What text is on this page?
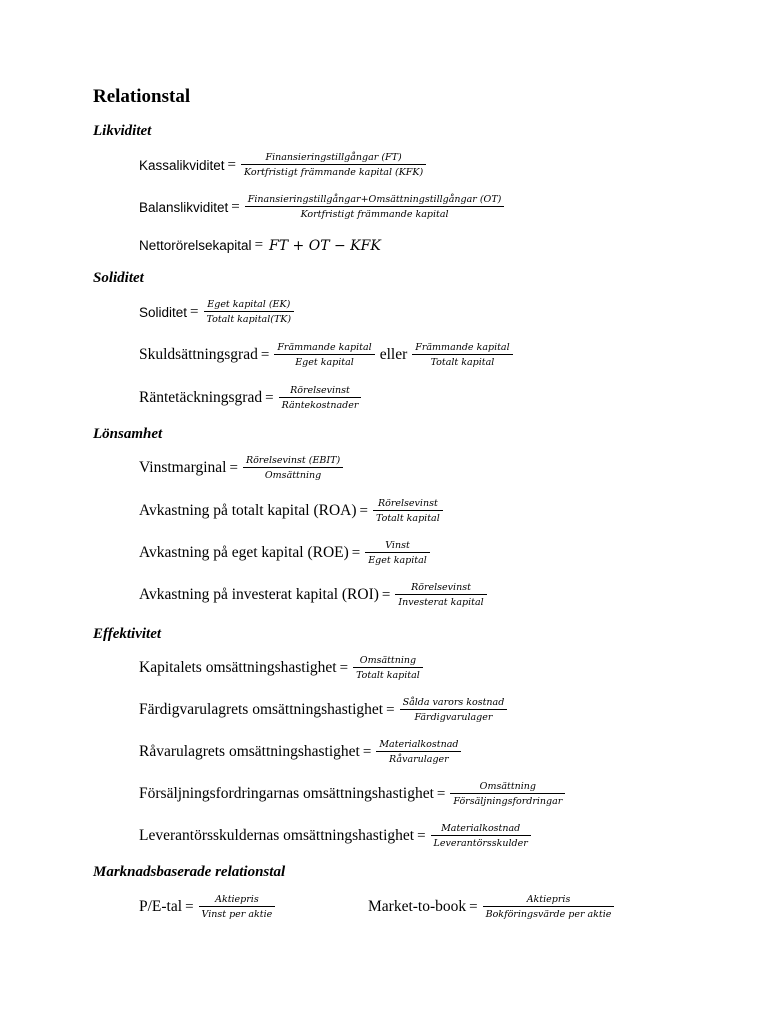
Relationstal
Likviditet
Kassalikviditet = $\frac{\text{Finansieringstillgångar (FT)}}{\text{Kortfristigt främmande kapital (KFK)}}$
Balanslikviditet = $\frac{\text{Finansieringstillgångar+Omsättningstillgångar (OT)}}{\text{Kortfristigt främmande kapital}}$
Nettorörelsekapital = FT + OT − KFK
Soliditet
Soliditet = $\frac{\text{Eget kapital (EK)}}{\text{Totalt kapital(TK)}}$
Skuldsättningsgrad = $\frac{\text{Främmande kapital}}{\text{Eget kapital}}$ eller $\frac{\text{Främmande kapital}}{\text{Totalt kapital}}$
Räntetäckningsgrad = $\frac{\text{Rörelsevinst}}{\text{Räntekostnader}}$
Lönsamhet
Vinstmarginal = $\frac{\text{Rörelsevinst (EBIT)}}{\text{Omsättning}}$
Avkastning på totalt kapital $(ROA) = \frac{\text{Rörelsevinst}}{\text{Totalt kapital}}$
Avkastning på eget kapital $(ROE) = \frac{\text{Vinst}}{\text{Eget kapital}}$
Avkastning på investerat kapital $(ROI) = \frac{\text{Rörelsevinst}}{\text{Investerat kapital}}$
Effektivitet
Kapitalets omsättningshastighet = $\frac{\text{Omsättning}}{\text{Totalt kapital}}$
Färdigvarulagrets omsättningshastighet = $\frac{\text{Sålda varors kostnad}}{\text{Färdigvarulager}}$
Råvarulagrets omsättningshastighet = $\frac{\text{Materialkostnad}}{\text{Råvarulager}}$
Försäljningsfordringarnas omsättningshastighet = $\frac{\text{Omsättning}}{\text{Försäljningsfordringar}}$
Leverantörsskuldernas omsättningshastighet = $\frac{\text{Materialkostnad}}{\text{Leverantörsskulder}}$
Marknadsbaserade relationstal
$P/E-tal = \frac{\text{Aktiepris}}{\text{Vinst per aktie}}$	Market-to-book = $\frac{\text{Aktiepris}}{\text{Bokföringsvärde per aktie}}$
